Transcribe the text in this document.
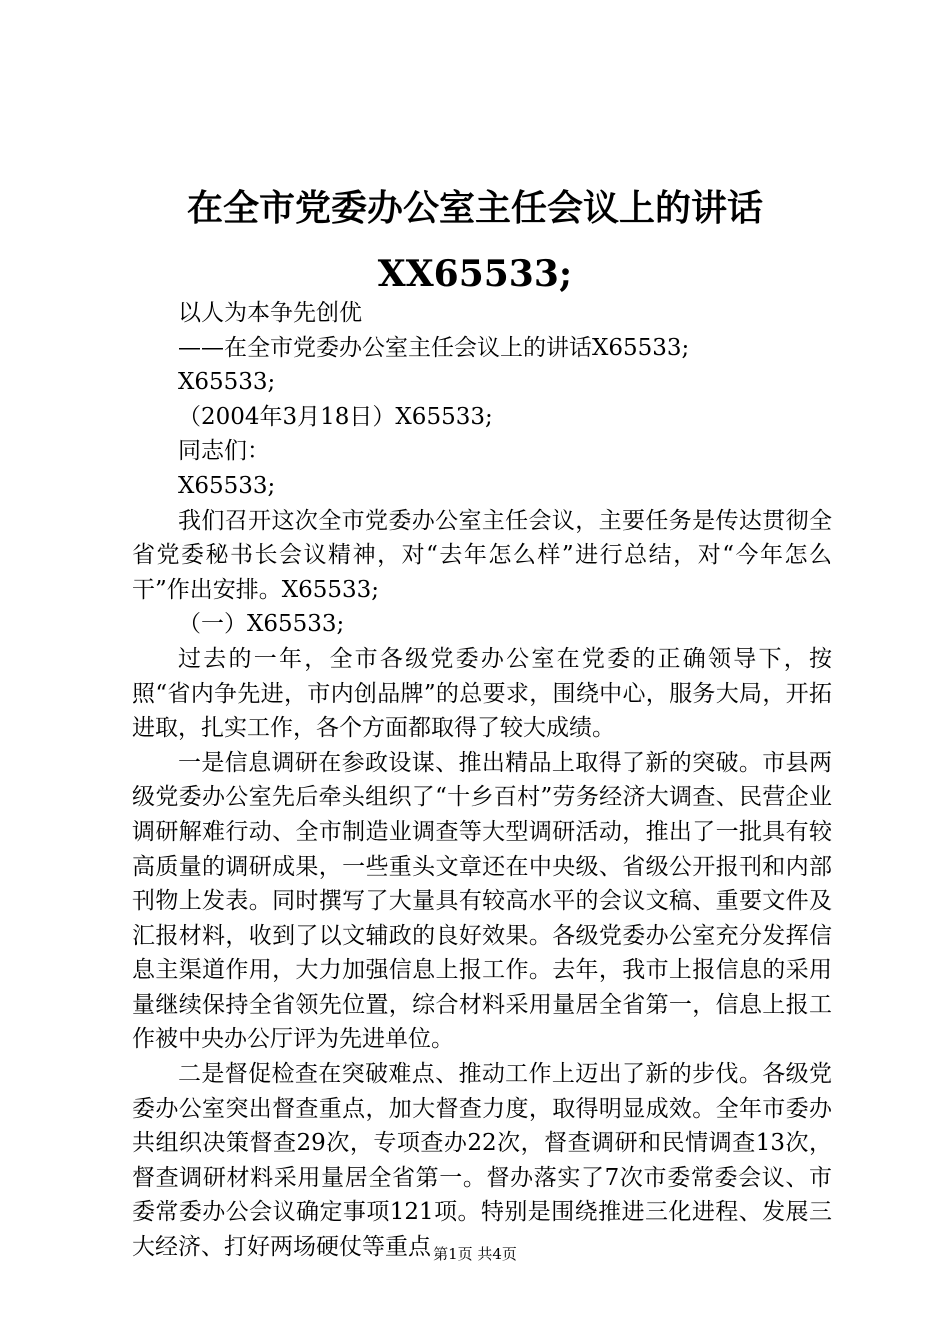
在全市党委办公室主任会议上的讲话
XX65533;

以人为本争先创优

——在全市党委办公室主任会议上的讲话X65533;

X65533;

（2004年3月18日）X65533;

同志们：

X65533;

我们召开这次全市党委办公室主任会议，主要任务是传达贯彻全省党委秘书长会议精神，对“去年怎么样”进行总结，对“今年怎么干”作出安排。X65533;

（一）X65533;

过去的一年，全市各级党委办公室在党委的正确领导下，按照“省内争先进，市内创品牌”的总要求，围绕中心，服务大局，开拓进取，扎实工作，各个方面都取得了较大成绩。

一是信息调研在参政设谋、推出精品上取得了新的突破。市县两级党委办公室先后牵头组织了“十乡百村”劳务经济大调查、民营企业调研解难行动、全市制造业调查等大型调研活动，推出了一批具有较高质量的调研成果，一些重头文章还在中央级、省级公开报刊和内部刊物上发表。同时撰写了大量具有较高水平的会议文稿、重要文件及汇报材料，收到了以文辅政的良好效果。各级党委办公室充分发挥信息主渠道作用，大力加强信息上报工作。去年，我市上报信息的采用量继续保持全省领先位置，综合材料采用量居全省第一，信息上报工作被中央办公厅评为先进单位。

二是督促检查在突破难点、推动工作上迈出了新的步伐。各级党委办公室突出督查重点，加大督查力度，取得明显成效。全年市委办共组织决策督查29次，专项查办22次，督查调研和民情调查13次，督查调研材料采用量居全省第一。督办落实了7次市委常委会议、市委常委办公会议确定事项121项。特别是围绕推进三化进程、发展三大经济、打好两场硬仗等重点 第1页 共4页
